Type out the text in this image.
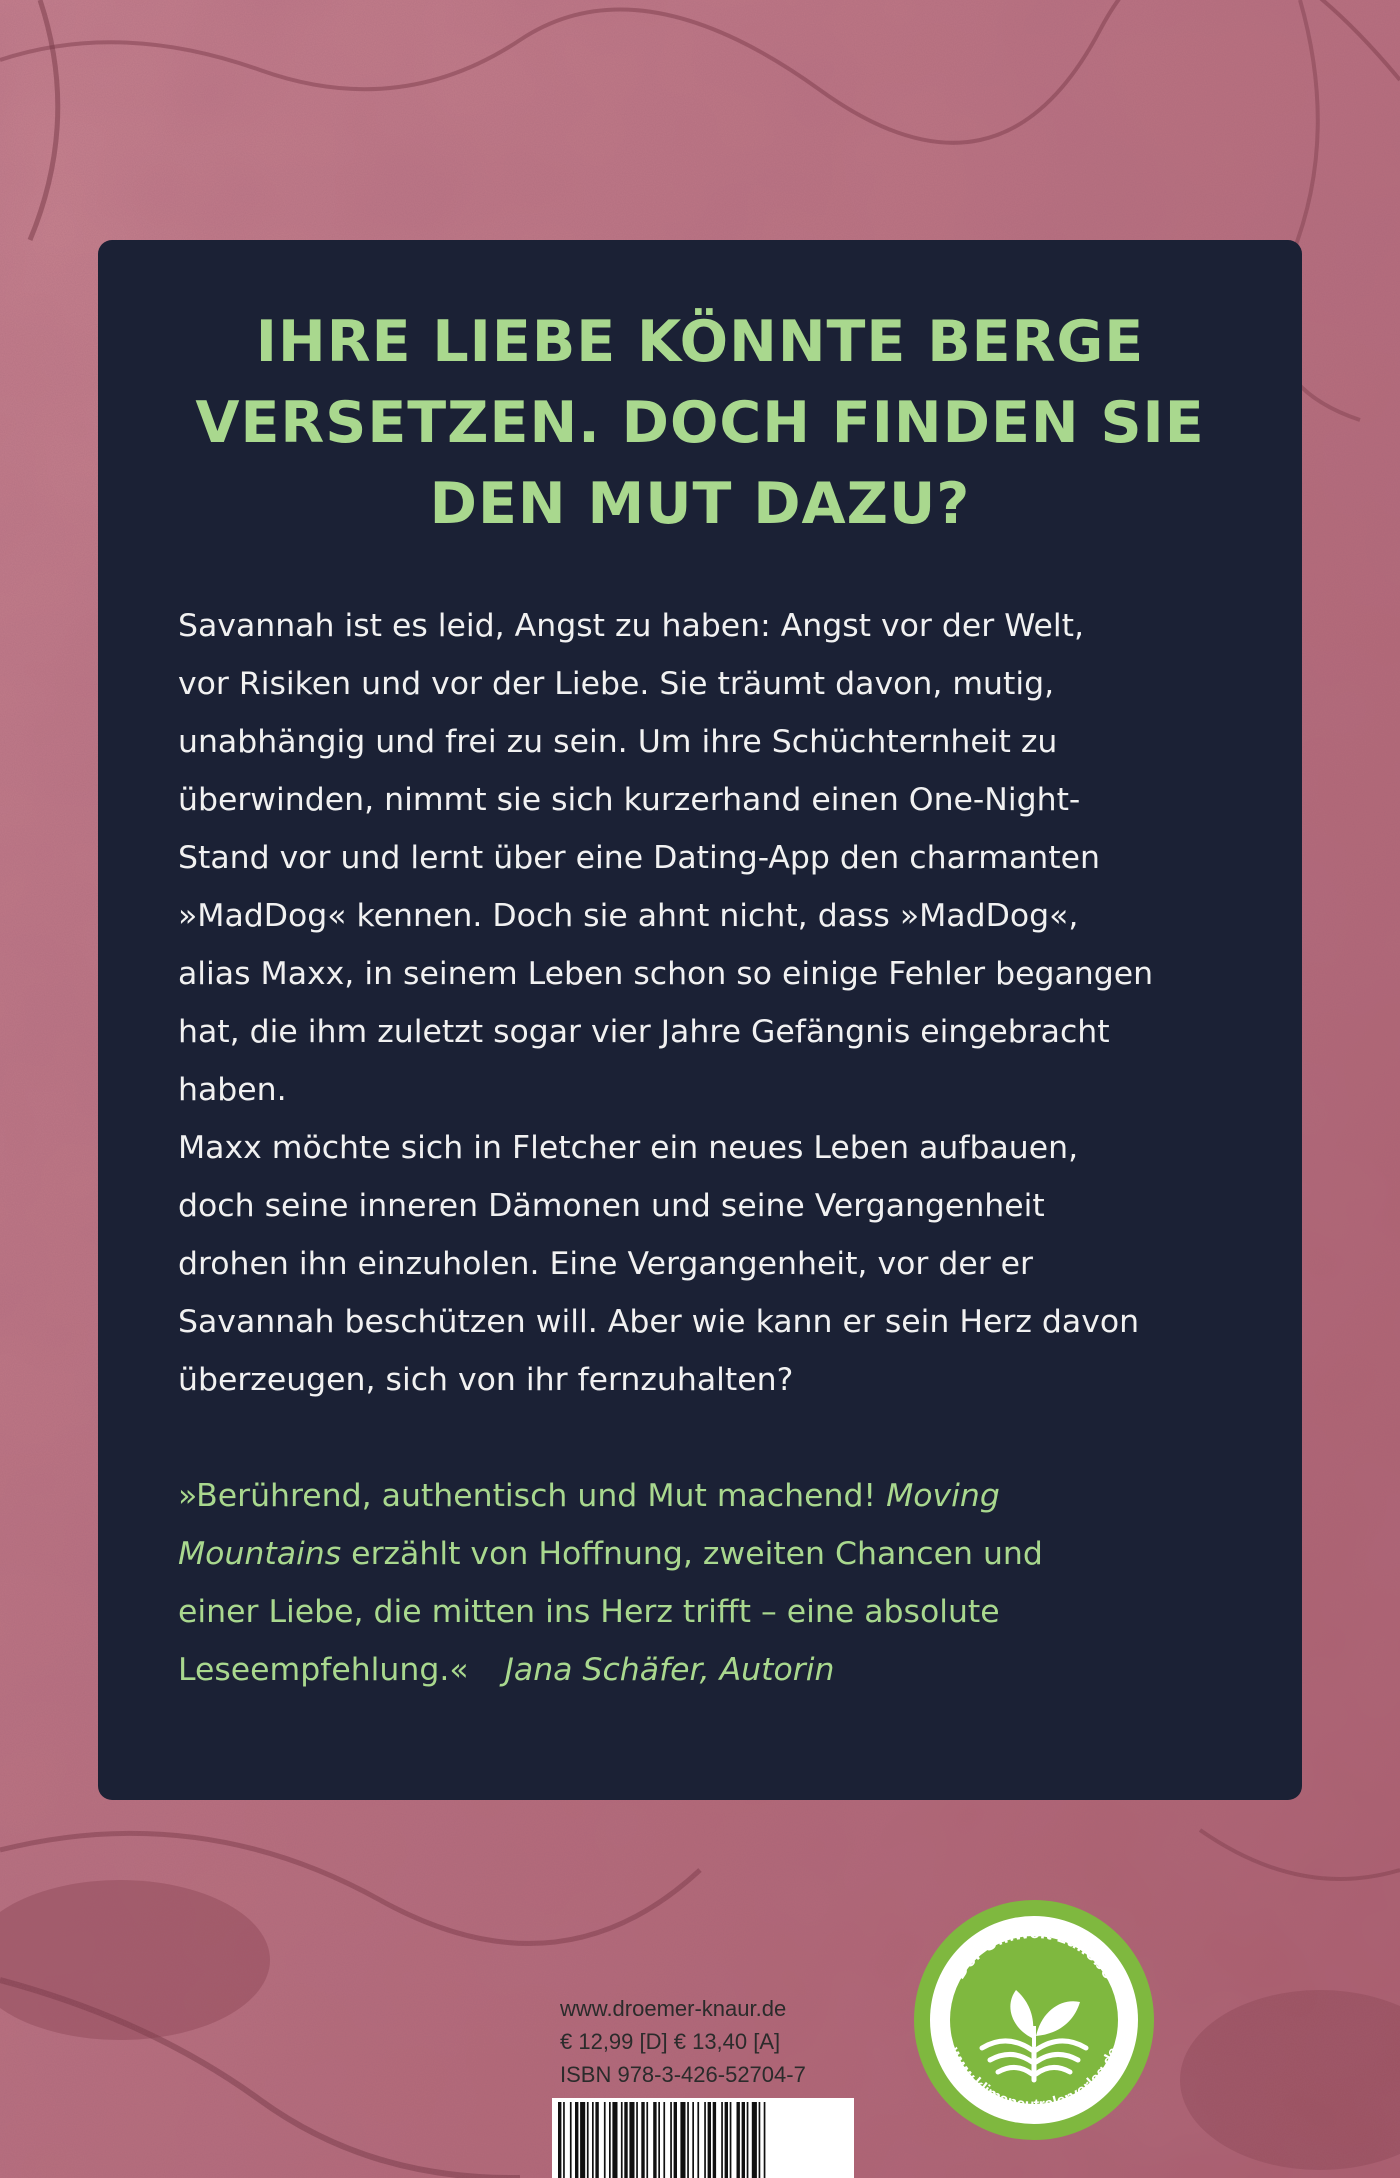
IHRE LIEBE KÖNNTE BERGE
VERSETZEN. DOCH FINDEN SIE
DEN MUT DAZU?
Savannah ist es leid, Angst zu haben: Angst vor der Welt,
vor Risiken und vor der Liebe. Sie träumt davon, mutig,
unabhängig und frei zu sein. Um ihre Schüchternheit zu
überwinden, nimmt sie sich kurzerhand einen One-Night-
Stand vor und lernt über eine Dating-App den charmanten
»MadDog« kennen. Doch sie ahnt nicht, dass »MadDog«,
alias Maxx, in seinem Leben schon so einige Fehler begangen
hat, die ihm zuletzt sogar vier Jahre Gefängnis eingebracht
haben.
Maxx möchte sich in Fletcher ein neues Leben aufbauen,
doch seine inneren Dämonen und seine Vergangenheit
drohen ihn einzuholen. Eine Vergangenheit, vor der er
Savannah beschützen will. Aber wie kann er sein Herz davon
überzeugen, sich von ihr fernzuhalten?
»Berührend, authentisch und Mut machend! Moving
Mountains erzählt von Hoffnung, zweiten Chancen und
einer Liebe, die mitten ins Herz trifft – eine absolute
Leseempfehlung.« Jana Schäfer, Autorin
www.droemer-knaur.de
€ 12,99 [D] € 13,40 [A]
ISBN 978-3-426-52704-7
Der Umwelt zuliebe
www.klimaneutralerverlag.de
